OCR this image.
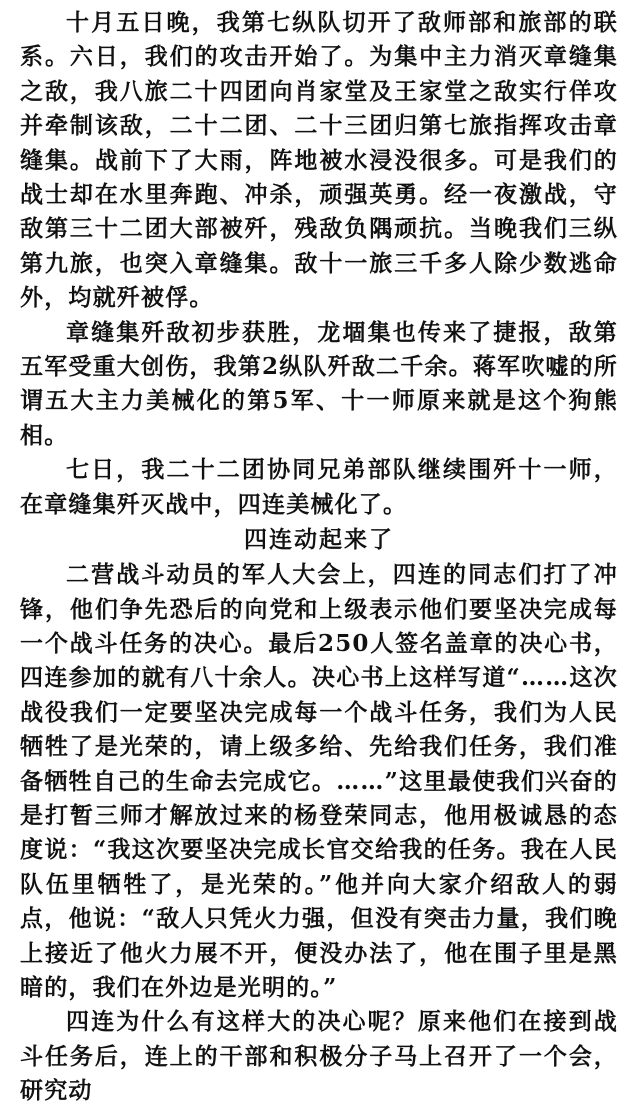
十月五日晚，我第七纵队切开了敌师部和旅部的联系。六日，我们的攻击开始了。为集中主力消灭章缝集之敌，我八旅二十四团向肖家堂及王家堂之敌实行佯攻并牵制该敌，二十二团、二十三团归第七旅指挥攻击章缝集。战前下了大雨，阵地被水浸没很多。可是我们的战士却在水里奔跑、冲杀，顽强英勇。经一夜激战，守敌第三十二团大部被歼，残敌负隅顽抗。当晚我们三纵第九旅，也突入章缝集。敌十一旅三千多人除少数逃命外，均就歼被俘。

章缝集歼敌初步获胜，龙堌集也传来了捷报，敌第五军受重大创伤，我第2纵队歼敌二千余。蒋军吹嘘的所谓五大主力美械化的第5军、十一师原来就是这个狗熊相。

七日，我二十二团协同兄弟部队继续围歼十一师，在章缝集歼灭战中，四连美械化了。

四连动起来了

二营战斗动员的军人大会上，四连的同志们打了冲锋，他们争先恐后的向党和上级表示他们要坚决完成每一个战斗任务的决心。最后250人签名盖章的决心书，四连参加的就有八十余人。决心书上这样写道“……这次战役我们一定要坚决完成每一个战斗任务，我们为人民牺牲了是光荣的，请上级多给、先给我们任务，我们准备牺牲自己的生命去完成它。……”这里最使我们兴奋的是打暂三师才解放过来的杨登荣同志，他用极诚恳的态度说：“我这次要坚决完成长官交给我的任务。我在人民队伍里牺牲了，是光荣的。”他并向大家介绍敌人的弱点，他说：“敌人只凭火力强，但没有突击力量，我们晚上接近了他火力展不开，便没办法了，他在围子里是黑暗的，我们在外边是光明的。”

四连为什么有这样大的决心呢？原来他们在接到战斗任务后，连上的干部和积极分子马上召开了一个会，研究动
